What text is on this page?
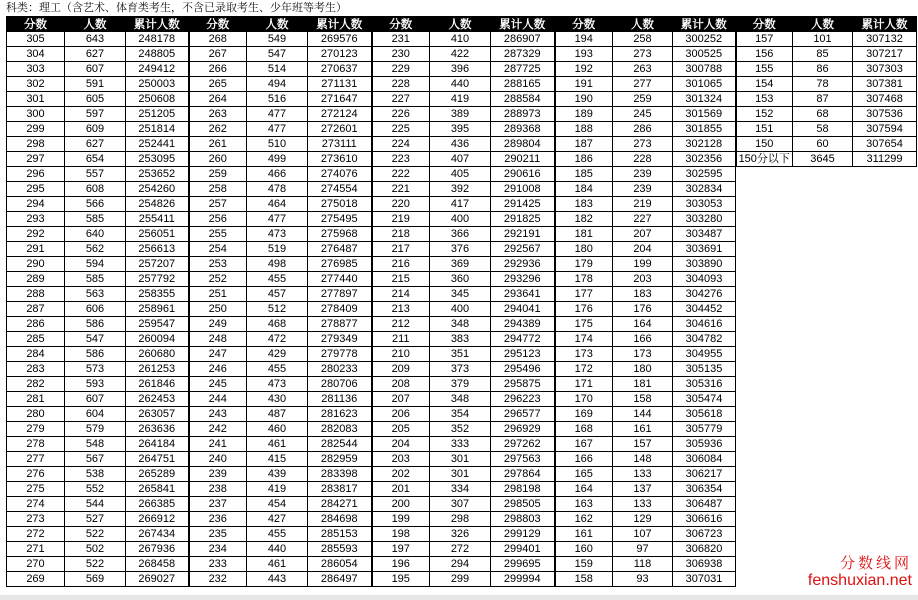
科类：理工（含艺术、体育类考生，不含已录取考生、少年班等考生）
分数	人数	累计人数	分数	人数	累计人数	分数	人数	累计人数	分数	人数	累计人数	分数	人数	累计人数
305	643	248178	268	549	269576	231	410	286907	194	258	300252	157	101	307132
304	627	248805	267	547	270123	230	422	287329	193	273	300525	156	85	307217
303	607	249412	266	514	270637	229	396	287725	192	263	300788	155	86	307303
302	591	250003	265	494	271131	228	440	288165	191	277	301065	154	78	307381
301	605	250608	264	516	271647	227	419	288584	190	259	301324	153	87	307468
300	597	251205	263	477	272124	226	389	288973	189	245	301569	152	68	307536
299	609	251814	262	477	272601	225	395	289368	188	286	301855	151	58	307594
298	627	252441	261	510	273111	224	436	289804	187	273	302128	150	60	307654
297	654	253095	260	499	273610	223	407	290211	186	228	302356	150分以下	3645	311299
296	557	253652	259	466	274076	222	405	290616	185	239	302595			
295	608	254260	258	478	274554	221	392	291008	184	239	302834			
294	566	254826	257	464	275018	220	417	291425	183	219	303053			
293	585	255411	256	477	275495	219	400	291825	182	227	303280			
292	640	256051	255	473	275968	218	366	292191	181	207	303487			
291	562	256613	254	519	276487	217	376	292567	180	204	303691			
290	594	257207	253	498	276985	216	369	292936	179	199	303890			
289	585	257792	252	455	277440	215	360	293296	178	203	304093			
288	563	258355	251	457	277897	214	345	293641	177	183	304276			
287	606	258961	250	512	278409	213	400	294041	176	176	304452			
286	586	259547	249	468	278877	212	348	294389	175	164	304616			
285	547	260094	248	472	279349	211	383	294772	174	166	304782			
284	586	260680	247	429	279778	210	351	295123	173	173	304955			
283	573	261253	246	455	280233	209	373	295496	172	180	305135			
282	593	261846	245	473	280706	208	379	295875	171	181	305316			
281	607	262453	244	430	281136	207	348	296223	170	158	305474			
280	604	263057	243	487	281623	206	354	296577	169	144	305618			
279	579	263636	242	460	282083	205	352	296929	168	161	305779			
278	548	264184	241	461	282544	204	333	297262	167	157	305936			
277	567	264751	240	415	282959	203	301	297563	166	148	306084			
276	538	265289	239	439	283398	202	301	297864	165	133	306217			
275	552	265841	238	419	283817	201	334	298198	164	137	306354			
274	544	266385	237	454	284271	200	307	298505	163	133	306487			
273	527	266912	236	427	284698	199	298	298803	162	129	306616			
272	522	267434	235	455	285153	198	326	299129	161	107	306723			
271	502	267936	234	440	285593	197	272	299401	160	97	306820			
270	522	268458	233	461	286054	196	294	299695	159	118	306938			
269	569	269027	232	443	286497	195	299	299994	158	93	307031			
分数线网
fenshuxian.net
